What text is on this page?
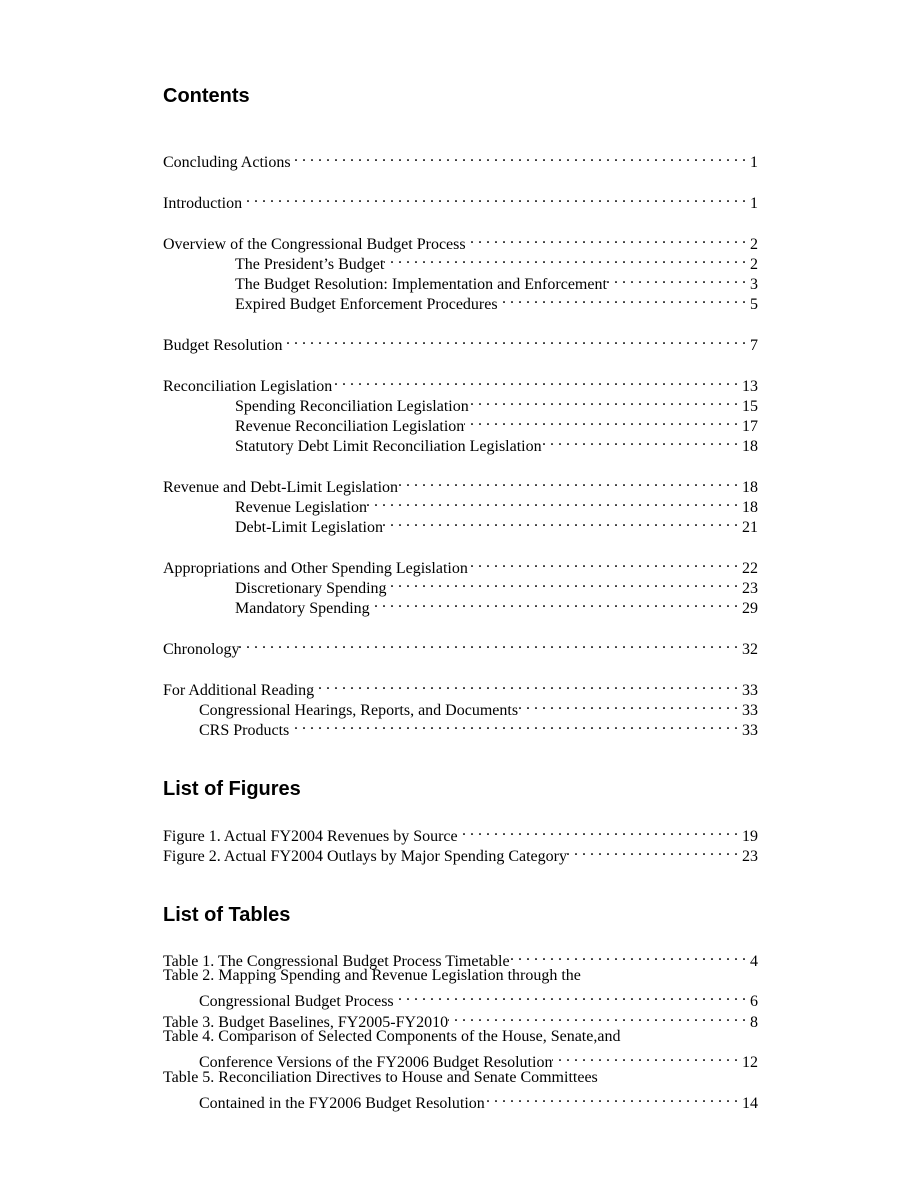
Contents
Concluding Actions . . .	1
Introduction . . .	1
Overview of the Congressional Budget Process . . .	2
The President’s Budget . . .	2
The Budget Resolution: Implementation and Enforcement . . .	3
Expired Budget Enforcement Procedures . . .	5
Budget Resolution . . .	7
Reconciliation Legislation . . .	13
Spending Reconciliation Legislation . . .	15
Revenue Reconciliation Legislation . . .	17
Statutory Debt Limit Reconciliation Legislation . . .	18
Revenue and Debt-Limit Legislation . . .	18
Revenue Legislation . . .	18
Debt-Limit Legislation . . .	21
Appropriations and Other Spending Legislation . . .	22
Discretionary Spending . . .	23
Mandatory Spending . . .	29
Chronology . . .	32
For Additional Reading . . .	33
Congressional Hearings, Reports, and Documents . . .	33
CRS Products . . .	33
List of Figures
Figure 1. Actual FY2004 Revenues by Source . . .	19
Figure 2. Actual FY2004 Outlays by Major Spending Category . . .	23
List of Tables
Table 1. The Congressional Budget Process Timetable . . .	4
Table 2. Mapping Spending and Revenue Legislation through the
Congressional Budget Process . . .	6
Table 3. Budget Baselines, FY2005-FY2010 . . .	8
Table 4. Comparison of Selected Components of the House, Senate,and
Conference Versions of the FY2006 Budget Resolution . . .	12
Table 5. Reconciliation Directives to House and Senate Committees
Contained in the FY2006 Budget Resolution . . .	14
